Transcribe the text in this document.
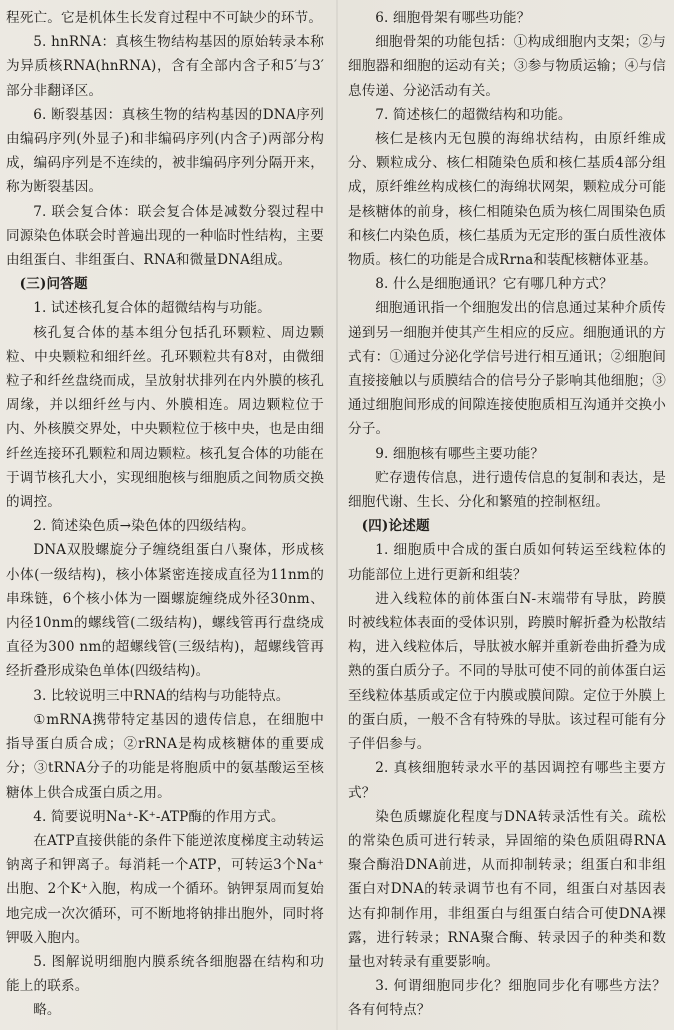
程死亡。它是机体生长发育过程中不可缺少的环节。

5. hnRNA：真核生物结构基因的原始转录本称为异质核RNA(hnRNA)，含有全部内含子和5′与3′部分非翻译区。

6. 断裂基因：真核生物的结构基因的DNA序列由编码序列(外显子)和非编码序列(内含子)两部分构成，编码序列是不连续的，被非编码序列分隔开来，称为断裂基因。

7. 联会复合体：联会复合体是减数分裂过程中同源染色体联会时普遍出现的一种临时性结构，主要由组蛋白、非组蛋白、RNA和微量DNA组成。

(三)问答题

1. 试述核孔复合体的超微结构与功能。

核孔复合体的基本组分包括孔环颗粒、周边颗粒、中央颗粒和细纤丝。孔环颗粒共有8对，由微细粒子和纤丝盘绕而成，呈放射状排列在内外膜的核孔周缘，并以细纤丝与内、外膜相连。周边颗粒位于内、外核膜交界处，中央颗粒位于核中央，也是由细纤丝连接环孔颗粒和周边颗粒。核孔复合体的功能在于调节核孔大小，实现细胞核与细胞质之间物质交换的调控。

2. 简述染色质→染色体的四级结构。

DNA双股螺旋分子缠绕组蛋白八聚体，形成核小体(一级结构)，核小体紧密连接成直径为11nm的串珠链，6个核小体为一圈螺旋缠绕成外径30nm、内径10nm的螺线管(二级结构)，螺线管再行盘绕成直径为300 nm的超螺线管(三级结构)，超螺线管再经折叠形成染色单体(四级结构)。

3. 比较说明三中RNA的结构与功能特点。

①mRNA携带特定基因的遗传信息，在细胞中指导蛋白质合成；②rRNA是构成核糖体的重要成分；③tRNA分子的功能是将胞质中的氨基酸运至核糖体上供合成蛋白质之用。

4. 简要说明Na⁺-K⁺-ATP酶的作用方式。

在ATP直接供能的条件下能逆浓度梯度主动转运钠离子和钾离子。每消耗一个ATP，可转运3个Na⁺出胞、2个K⁺入胞，构成一个循环。钠钾泵周而复始地完成一次次循环，可不断地将钠排出胞外，同时将钾吸入胞内。

5. 图解说明细胞内膜系统各细胞器在结构和功能上的联系。

略。

6. 细胞骨架有哪些功能？

细胞骨架的功能包括：①构成细胞内支架；②与细胞器和细胞的运动有关；③参与物质运输；④与信息传递、分泌活动有关。

7. 简述核仁的超微结构和功能。

核仁是核内无包膜的海绵状结构，由原纤维成分、颗粒成分、核仁相随染色质和核仁基质4部分组成，原纤维丝构成核仁的海绵状网架，颗粒成分可能是核糖体的前身，核仁相随染色质为核仁周围染色质和核仁内染色质，核仁基质为无定形的蛋白质性液体物质。核仁的功能是合成Rrna和装配核糖体亚基。

8. 什么是细胞通讯？它有哪几种方式？

细胞通讯指一个细胞发出的信息通过某种介质传递到另一细胞并使其产生相应的反应。细胞通讯的方式有：①通过分泌化学信号进行相互通讯；②细胞间直接接触以与质膜结合的信号分子影响其他细胞；③通过细胞间形成的间隙连接使胞质相互沟通并交换小分子。

9. 细胞核有哪些主要功能？

贮存遗传信息，进行遗传信息的复制和表达，是细胞代谢、生长、分化和繁殖的控制枢纽。

(四)论述题

1. 细胞质中合成的蛋白质如何转运至线粒体的功能部位上进行更新和组装？

进入线粒体的前体蛋白N-末端带有导肽，跨膜时被线粒体表面的受体识别，跨膜时解折叠为松散结构，进入线粒体后，导肽被水解并重新卷曲折叠为成熟的蛋白质分子。不同的导肽可使不同的前体蛋白运至线粒体基质或定位于内膜或膜间隙。定位于外膜上的蛋白质，一般不含有特殊的导肽。该过程可能有分子伴侣参与。

2. 真核细胞转录水平的基因调控有哪些主要方式？

染色质螺旋化程度与DNA转录活性有关。疏松的常染色质可进行转录，异固缩的染色质阻碍RNA聚合酶沿DNA前进，从而抑制转录；组蛋白和非组蛋白对DNA的转录调节也有不同，组蛋白对基因表达有抑制作用，非组蛋白与组蛋白结合可使DNA裸露，进行转录；RNA聚合酶、转录因子的种类和数量也对转录有重要影响。

3. 何谓细胞同步化？细胞同步化有哪些方法？各有何特点？
